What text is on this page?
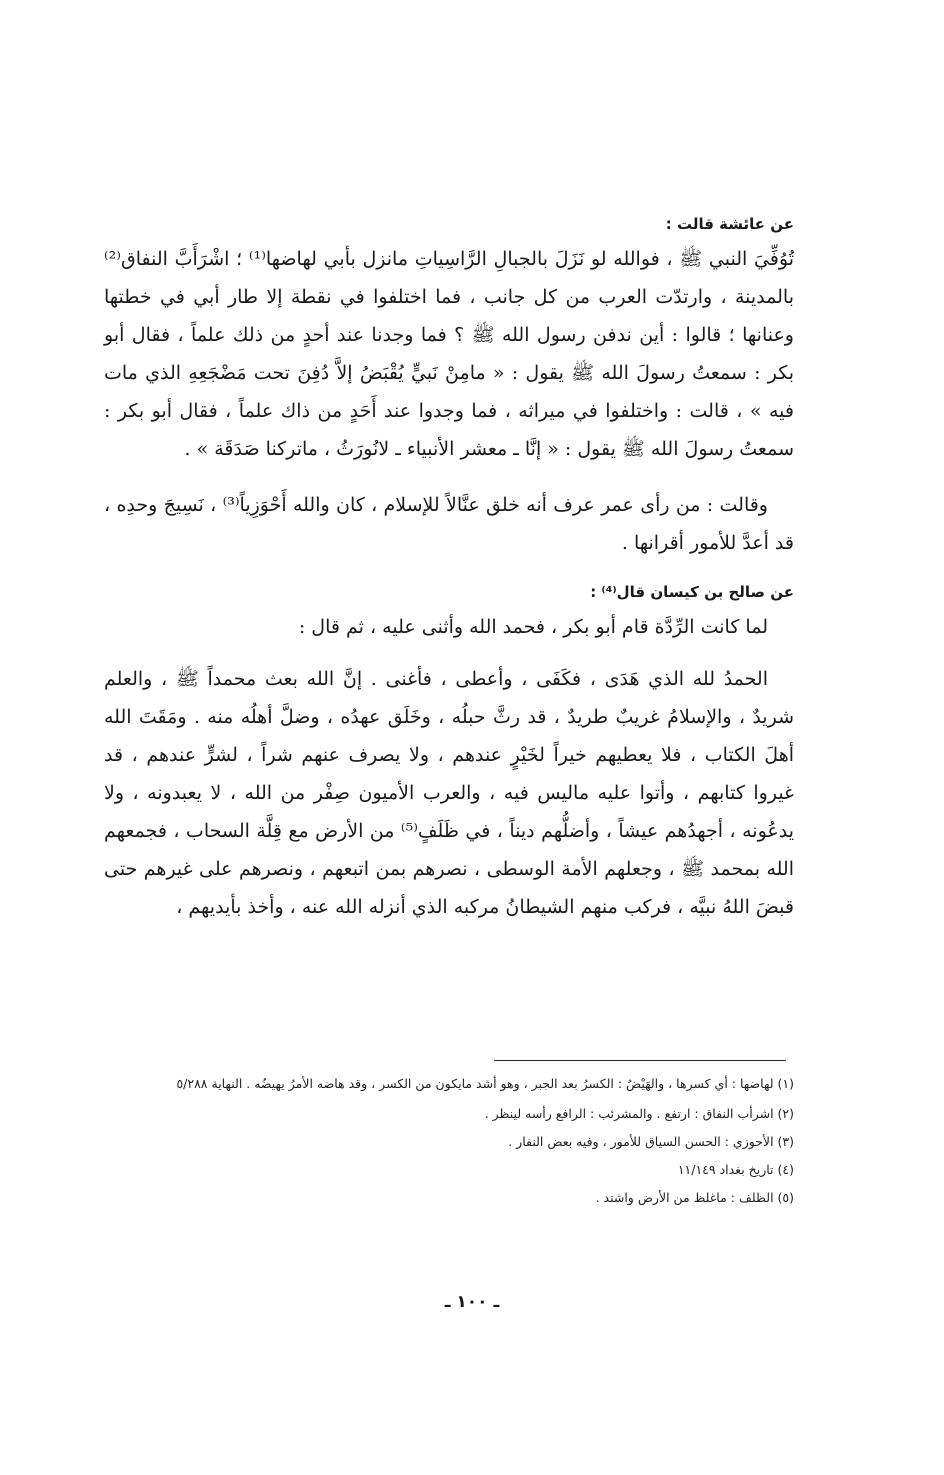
عن عائشة قالت :

تُوُفِّيَ النبي ﷺ ، فوالله لو نَزَلَ بالجبالِ الرَّاسِياتِ مانزل بأبي لهاضها⁽¹⁾ ؛ اشْرَأَبَّ النفاق⁽²⁾ بالمدينة ، وارتدّت العرب من كل جانب ، فما اختلفوا في نقطة إلا طار أبي في خطتها وعنانها ؛ قالوا : أين ندفن رسول الله ﷺ ؟ فما وجدنا عند أحدٍ من ذلك علماً ، فقال أبو بكر : سمعتُ رسولَ الله ﷺ يقول : « مامِنْ نَبيٍّ يُقْبَضُ إلاَّ دُفِنَ تحت مَضْجَعِهِ الذي مات فيه » ، قالت : واختلفوا في ميراثه ، فما وجدوا عند أَحَدٍ من ذاك علماً ، فقال أبو بكر : سمعتُ رسولَ الله ﷺ يقول : « إنَّا ـ معشر الأنبياء ـ لانُورَثُ ، ماتركنا صَدَقَة » .

وقالت : من رأى عمر عرف أنه خلق عنَّالاً للإسلام ، كان والله أَحْوَزِياً⁽³⁾ ، نَسِيجَ وحدِه ، قد أعدَّ للأمور أقرانها .

عن صالح بن كيسان قال⁽⁴⁾ :

لما كانت الرِّدَّة قام أبو بكر ، فحمد الله وأثنى عليه ، ثم قال :

الحمدُ لله الذي هَدَى ، فكَفَى ، وأعطى ، فأغنى . إنَّ الله بعث محمداً ﷺ ، والعلم شريدٌ ، والإسلامُ غريبٌ طريدٌ ، قد رثَّ حبلُه ، وخَلَق عهدُه ، وضلَّ أهلُه منه . ومَقَتَ الله أهلَ الكتاب ، فلا يعطيهم خيراً لخَيْرٍ عندهم ، ولا يصرف عنهم شراً ، لشرٍّ عندهم ، قد غيروا كتابهم ، وأتوا عليه ماليس فيه ، والعرب الأميون صِفْر من الله ، لا يعبدونه ، ولا يدعُونه ، أجهدُهم عيشاً ، وأضلُّهم ديناً ، في ظَلَفٍ⁽⁵⁾ من الأرض مع قِلَّة السحاب ، فجمعهم الله بمحمد ﷺ ، وجعلهم الأمة الوسطى ، نصرهم بمن اتبعهم ، ونصرهم على غيرهم حتى قبضَ اللهُ نبيَّه ، فركب منهم الشيطانُ مركبه الذي أنزله الله عنه ، وأخذ بأيديهم ،

(١) لهاضها : أي كسرها ، والهَيْضُ : الكسرُ بعد الجبر ، وهو أشد مايكون من الكسر ، وقد هاضه الأمرُ يهيضُه . النهاية ٥/٢٨٨

(٢) اشرأب النفاق : ارتفع . والمشرئب : الرافع رأسه لينظر .

(٣) الأحوزي : الحسن السياق للأمور ، وفيه بعض النفار .

(٤) تاريخ بغداد ١١/١٤٩

(٥) الظلف : ماغلظ من الأرض واشتد .

ـ ١٠٠ ـ
